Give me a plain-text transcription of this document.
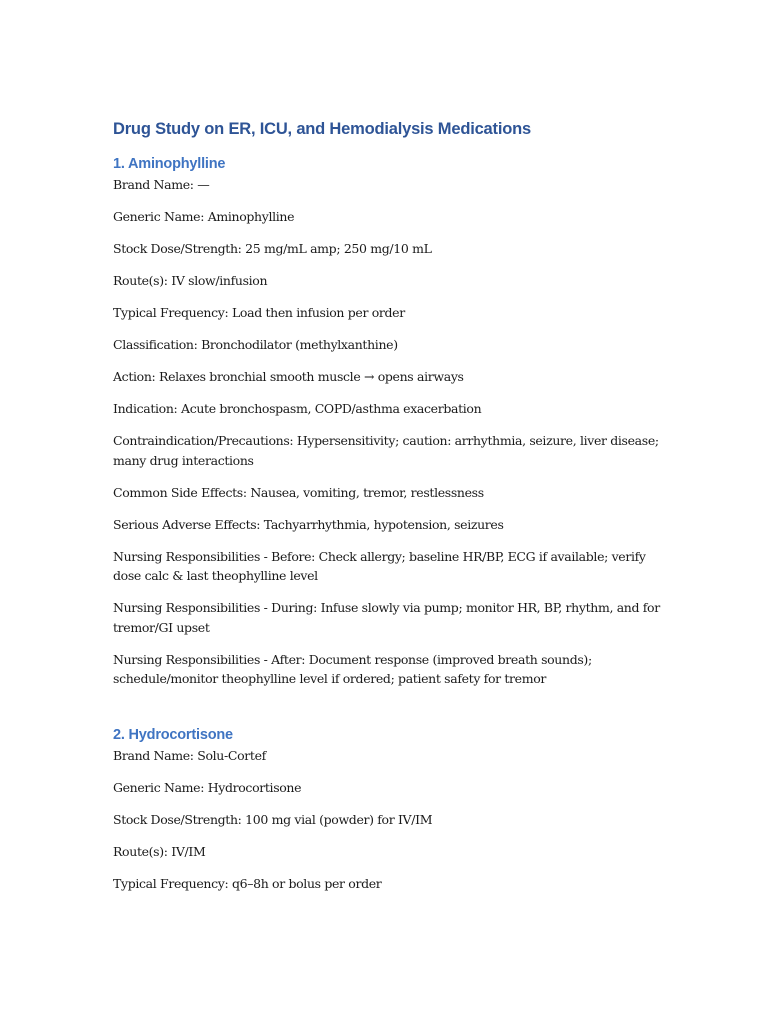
Drug Study on ER, ICU, and Hemodialysis Medications
1. Aminophylline

Brand Name: —

Generic Name: Aminophylline

Stock Dose/Strength: 25 mg/mL amp; 250 mg/10 mL

Route(s): IV slow/infusion

Typical Frequency: Load then infusion per order

Classification: Bronchodilator (methylxanthine)

Action: Relaxes bronchial smooth muscle → opens airways

Indication: Acute bronchospasm, COPD/asthma exacerbation

Contraindication/Precautions: Hypersensitivity; caution: arrhythmia, seizure, liver disease; many drug interactions

Common Side Effects: Nausea, vomiting, tremor, restlessness

Serious Adverse Effects: Tachyarrhythmia, hypotension, seizures

Nursing Responsibilities - Before: Check allergy; baseline HR/BP, ECG if available; verify dose calc & last theophylline level

Nursing Responsibilities - During: Infuse slowly via pump; monitor HR, BP, rhythm, and for tremor/GI upset

Nursing Responsibilities - After: Document response (improved breath sounds); schedule/monitor theophylline level if ordered; patient safety for tremor

2. Hydrocortisone

Brand Name: Solu-Cortef

Generic Name: Hydrocortisone

Stock Dose/Strength: 100 mg vial (powder) for IV/IM

Route(s): IV/IM

Typical Frequency: q6–8h or bolus per order
